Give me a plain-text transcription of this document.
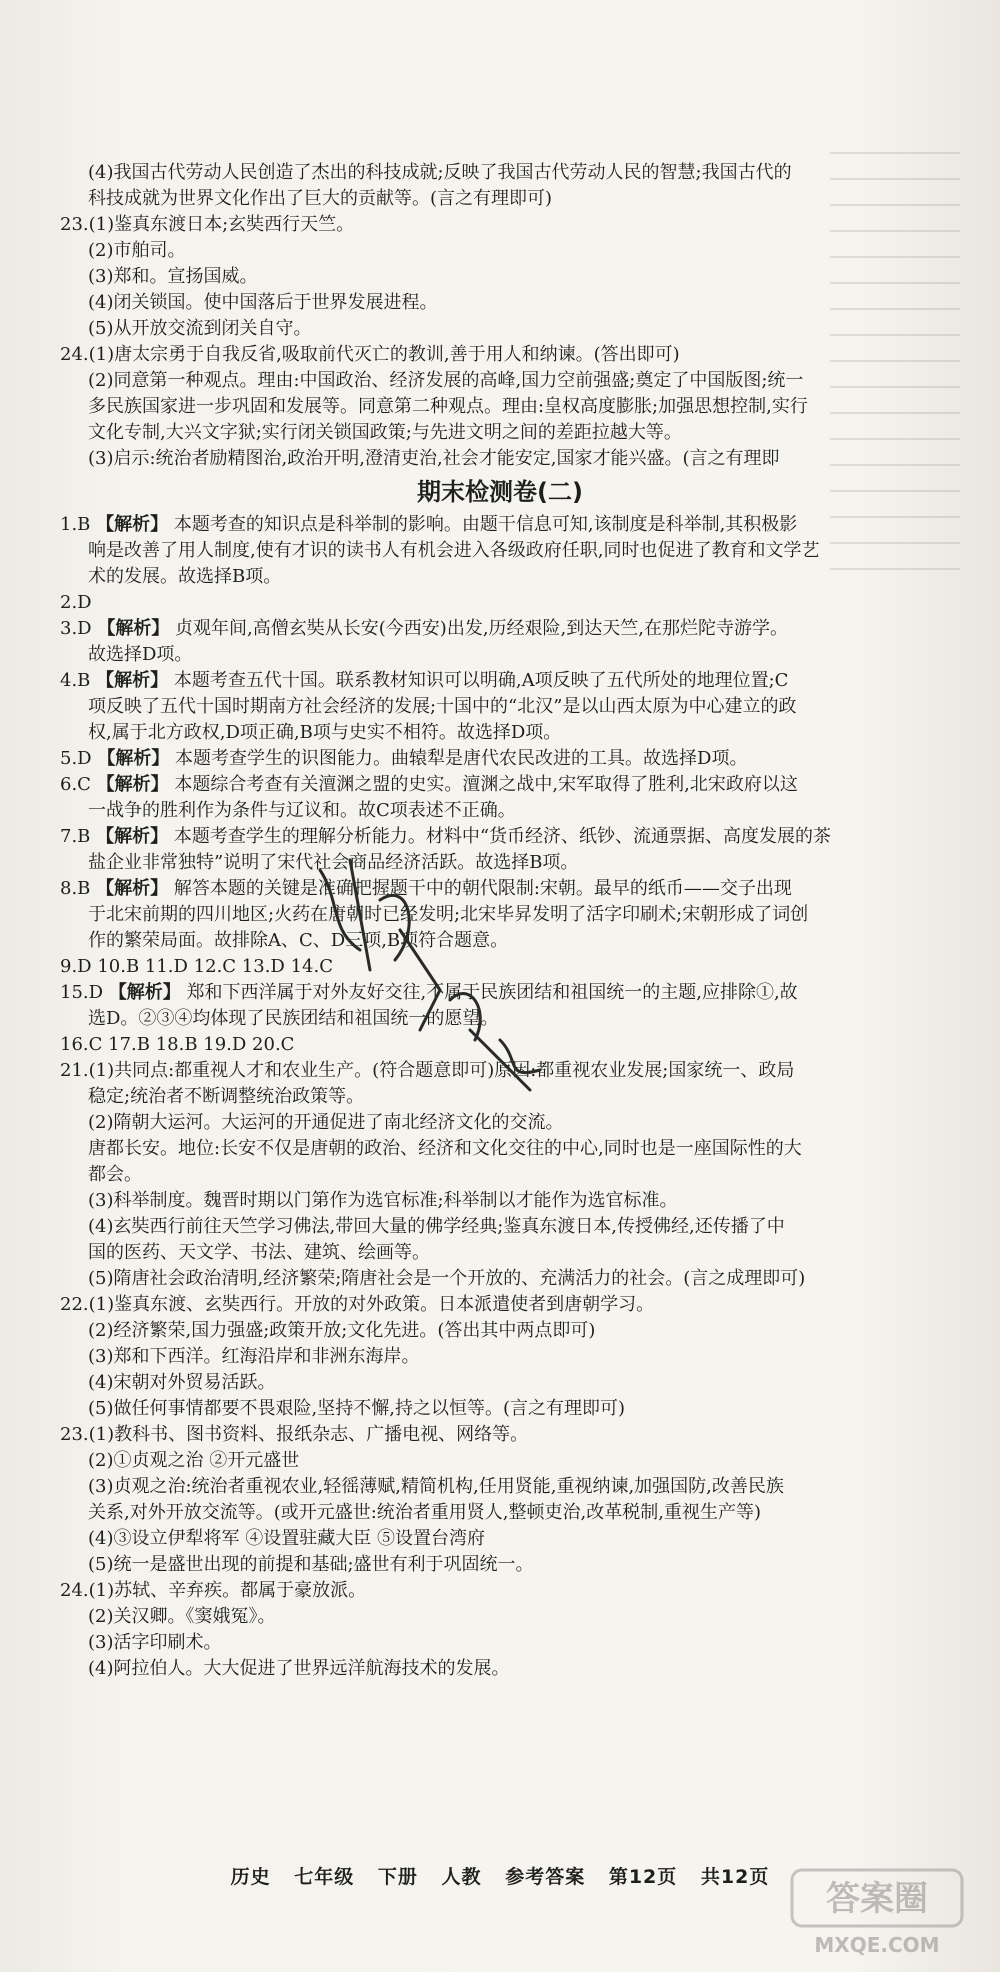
(4)我国古代劳动人民创造了杰出的科技成就;反映了我国古代劳动人民的智慧;我国古代的
科技成就为世界文化作出了巨大的贡献等。(言之有理即可)
23.(1)鉴真东渡日本;玄奘西行天竺。
(2)市舶司。
(3)郑和。宣扬国威。
(4)闭关锁国。使中国落后于世界发展进程。
(5)从开放交流到闭关自守。
24.(1)唐太宗勇于自我反省,吸取前代灭亡的教训,善于用人和纳谏。(答出即可)
(2)同意第一种观点。理由:中国政治、经济发展的高峰,国力空前强盛;奠定了中国版图;统一
多民族国家进一步巩固和发展等。同意第二种观点。理由:皇权高度膨胀;加强思想控制,实行
文化专制,大兴文字狱;实行闭关锁国政策;与先进文明之间的差距拉越大等。
(3)启示:统治者励精图治,政治开明,澄清吏治,社会才能安定,国家才能兴盛。(言之有理即
期末检测卷(二)
1.B 【解析】 本题考查的知识点是科举制的影响。由题干信息可知,该制度是科举制,其积极影
响是改善了用人制度,使有才识的读书人有机会进入各级政府任职,同时也促进了教育和文学艺
术的发展。故选择B项。
2.D
3.D 【解析】 贞观年间,高僧玄奘从长安(今西安)出发,历经艰险,到达天竺,在那烂陀寺游学。
故选择D项。
4.B 【解析】 本题考查五代十国。联系教材知识可以明确,A项反映了五代所处的地理位置;C
项反映了五代十国时期南方社会经济的发展;十国中的“北汉”是以山西太原为中心建立的政
权,属于北方政权,D项正确,B项与史实不相符。故选择D项。
5.D 【解析】 本题考查学生的识图能力。曲辕犁是唐代农民改进的工具。故选择D项。
6.C 【解析】 本题综合考查有关澶渊之盟的史实。澶渊之战中,宋军取得了胜利,北宋政府以这
一战争的胜利作为条件与辽议和。故C项表述不正确。
7.B 【解析】 本题考查学生的理解分析能力。材料中“货币经济、纸钞、流通票据、高度发展的茶
盐企业非常独特”说明了宋代社会商品经济活跃。故选择B项。
8.B 【解析】 解答本题的关键是准确把握题干中的朝代限制:宋朝。最早的纸币——交子出现
于北宋前期的四川地区;火药在唐朝时已经发明;北宋毕昇发明了活字印刷术;宋朝形成了词创
作的繁荣局面。故排除A、C、D三项,B项符合题意。
9.D 10.B 11.D 12.C 13.D 14.C
15.D 【解析】 郑和下西洋属于对外友好交往,不属于民族团结和祖国统一的主题,应排除①,故
选D。②③④均体现了民族团结和祖国统一的愿望。
16.C 17.B 18.B 19.D 20.C
21.(1)共同点:都重视人才和农业生产。(符合题意即可)原因:都重视农业发展;国家统一、政局
稳定;统治者不断调整统治政策等。
(2)隋朝大运河。大运河的开通促进了南北经济文化的交流。
唐都长安。地位:长安不仅是唐朝的政治、经济和文化交往的中心,同时也是一座国际性的大
都会。
(3)科举制度。魏晋时期以门第作为选官标准;科举制以才能作为选官标准。
(4)玄奘西行前往天竺学习佛法,带回大量的佛学经典;鉴真东渡日本,传授佛经,还传播了中
国的医药、天文学、书法、建筑、绘画等。
(5)隋唐社会政治清明,经济繁荣;隋唐社会是一个开放的、充满活力的社会。(言之成理即可)
22.(1)鉴真东渡、玄奘西行。开放的对外政策。日本派遣使者到唐朝学习。
(2)经济繁荣,国力强盛;政策开放;文化先进。(答出其中两点即可)
(3)郑和下西洋。红海沿岸和非洲东海岸。
(4)宋朝对外贸易活跃。
(5)做任何事情都要不畏艰险,坚持不懈,持之以恒等。(言之有理即可)
23.(1)教科书、图书资料、报纸杂志、广播电视、网络等。
(2)①贞观之治 ②开元盛世
(3)贞观之治:统治者重视农业,轻徭薄赋,精简机构,任用贤能,重视纳谏,加强国防,改善民族
关系,对外开放交流等。(或开元盛世:统治者重用贤人,整顿吏治,改革税制,重视生产等)
(4)③设立伊犁将军 ④设置驻藏大臣 ⑤设置台湾府
(5)统一是盛世出现的前提和基础;盛世有利于巩固统一。
24.(1)苏轼、辛弃疾。都属于豪放派。
(2)关汉卿。《窦娥冤》。
(3)活字印刷术。
(4)阿拉伯人。大大促进了世界远洋航海技术的发展。
历史 七年级 下册 人教 参考答案 第12页 共12页
答案圈
MXQE.COM
